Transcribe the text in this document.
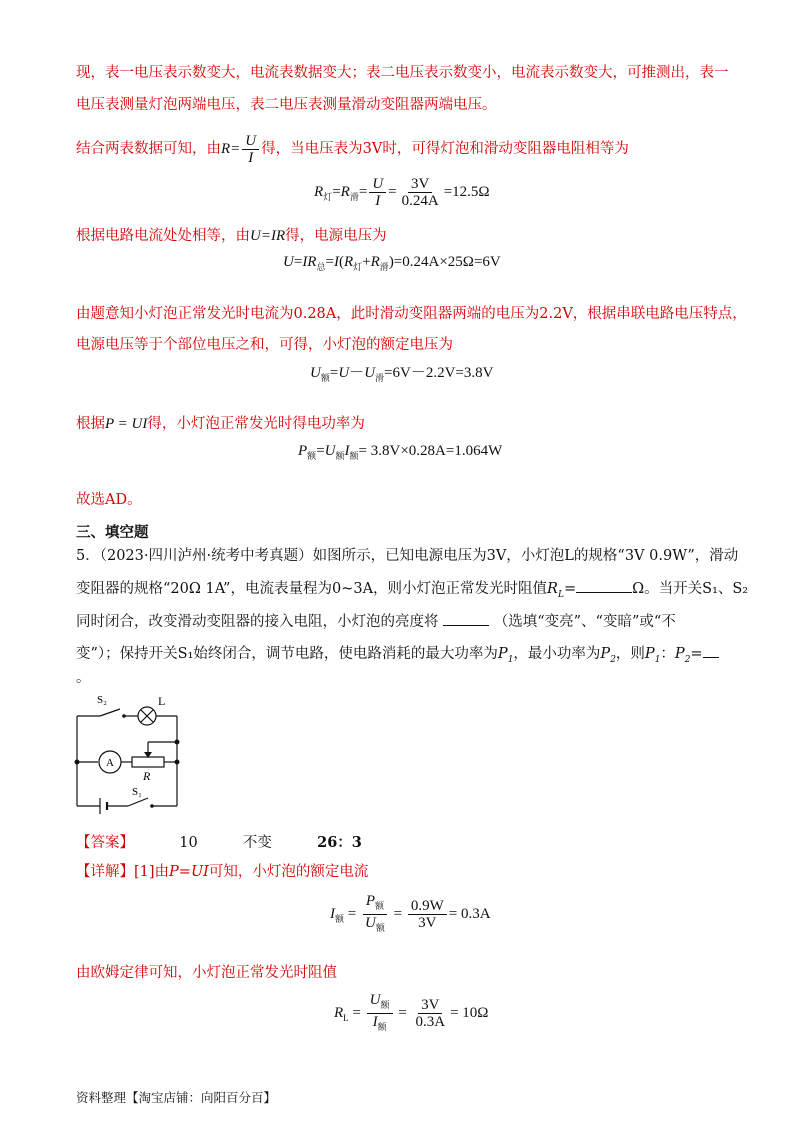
现，表一电压表示数变大，电流表数据变大；表二电压表示数变小，电流表示数变大，可推测出，表一
电压表测量灯泡两端电压，表二电压表测量滑动变阻器两端电压。
结合两表数据可知，由$R= \frac{U}{I}$ 得，当电压表为3V时，可得灯泡和滑动变阻器电阻相等为
$R_灯=R_滑= \frac{U}{I} = \frac{3V}{0.24A} =12.5\Omega$
根据电路电流处处相等，由U=IR得，电源电压为
$U=IR_总=I(R_灯+R_滑)=0.24A\times 25\Omega=6V$
由题意知小灯泡正常发光时电流为0.28A，此时滑动变阻器两端的电压为2.2V，根据串联电路电压特点，
电源电压等于个部位电压之和，可得，小灯泡的额定电压为
$U_额=U-U_滑=6V-2.2V=3.8V$
根据P = UI得，小灯泡正常发光时得电功率为
$P_额=U_额I_额= 3.8V\times 0.28A=1.064W$
故选AD。
三、填空题
5．（2023·四川泸州·统考中考真题）如图所示，已知电源电压为3V，小灯泡L的规格“3V 0.9W”，滑动
变阻器的规格“20Ω 1A”，电流表量程为0~3A，则小灯泡正常发光时阻值$R_L=$	Ω。当开关S₁、S₂
同时闭合，改变滑动变阻器的接入电阻，小灯泡的亮度将	（选填“变亮”、“变暗”或“不
变”）；保持开关S₁始终闭合，调节电路，使电路消耗的最大功率为$P_1$，最小功率为$P_2$，则$P_1$：$P_2=$
。
S₂	L
A
R
S₁
【答案】	10	不变	26：3
【详解】[1]由P=UI可知，小灯泡的额定电流
$I_额 = \frac{P_额}{U_额} = \frac{0.9W}{3V} = 0.3A$
由欧姆定律可知，小灯泡正常发光时阻值
$R_L = \frac{U_额}{I_额} = \frac{3V}{0.3A} = 10\Omega$
资料整理【淘宝店铺：向阳百分百】
